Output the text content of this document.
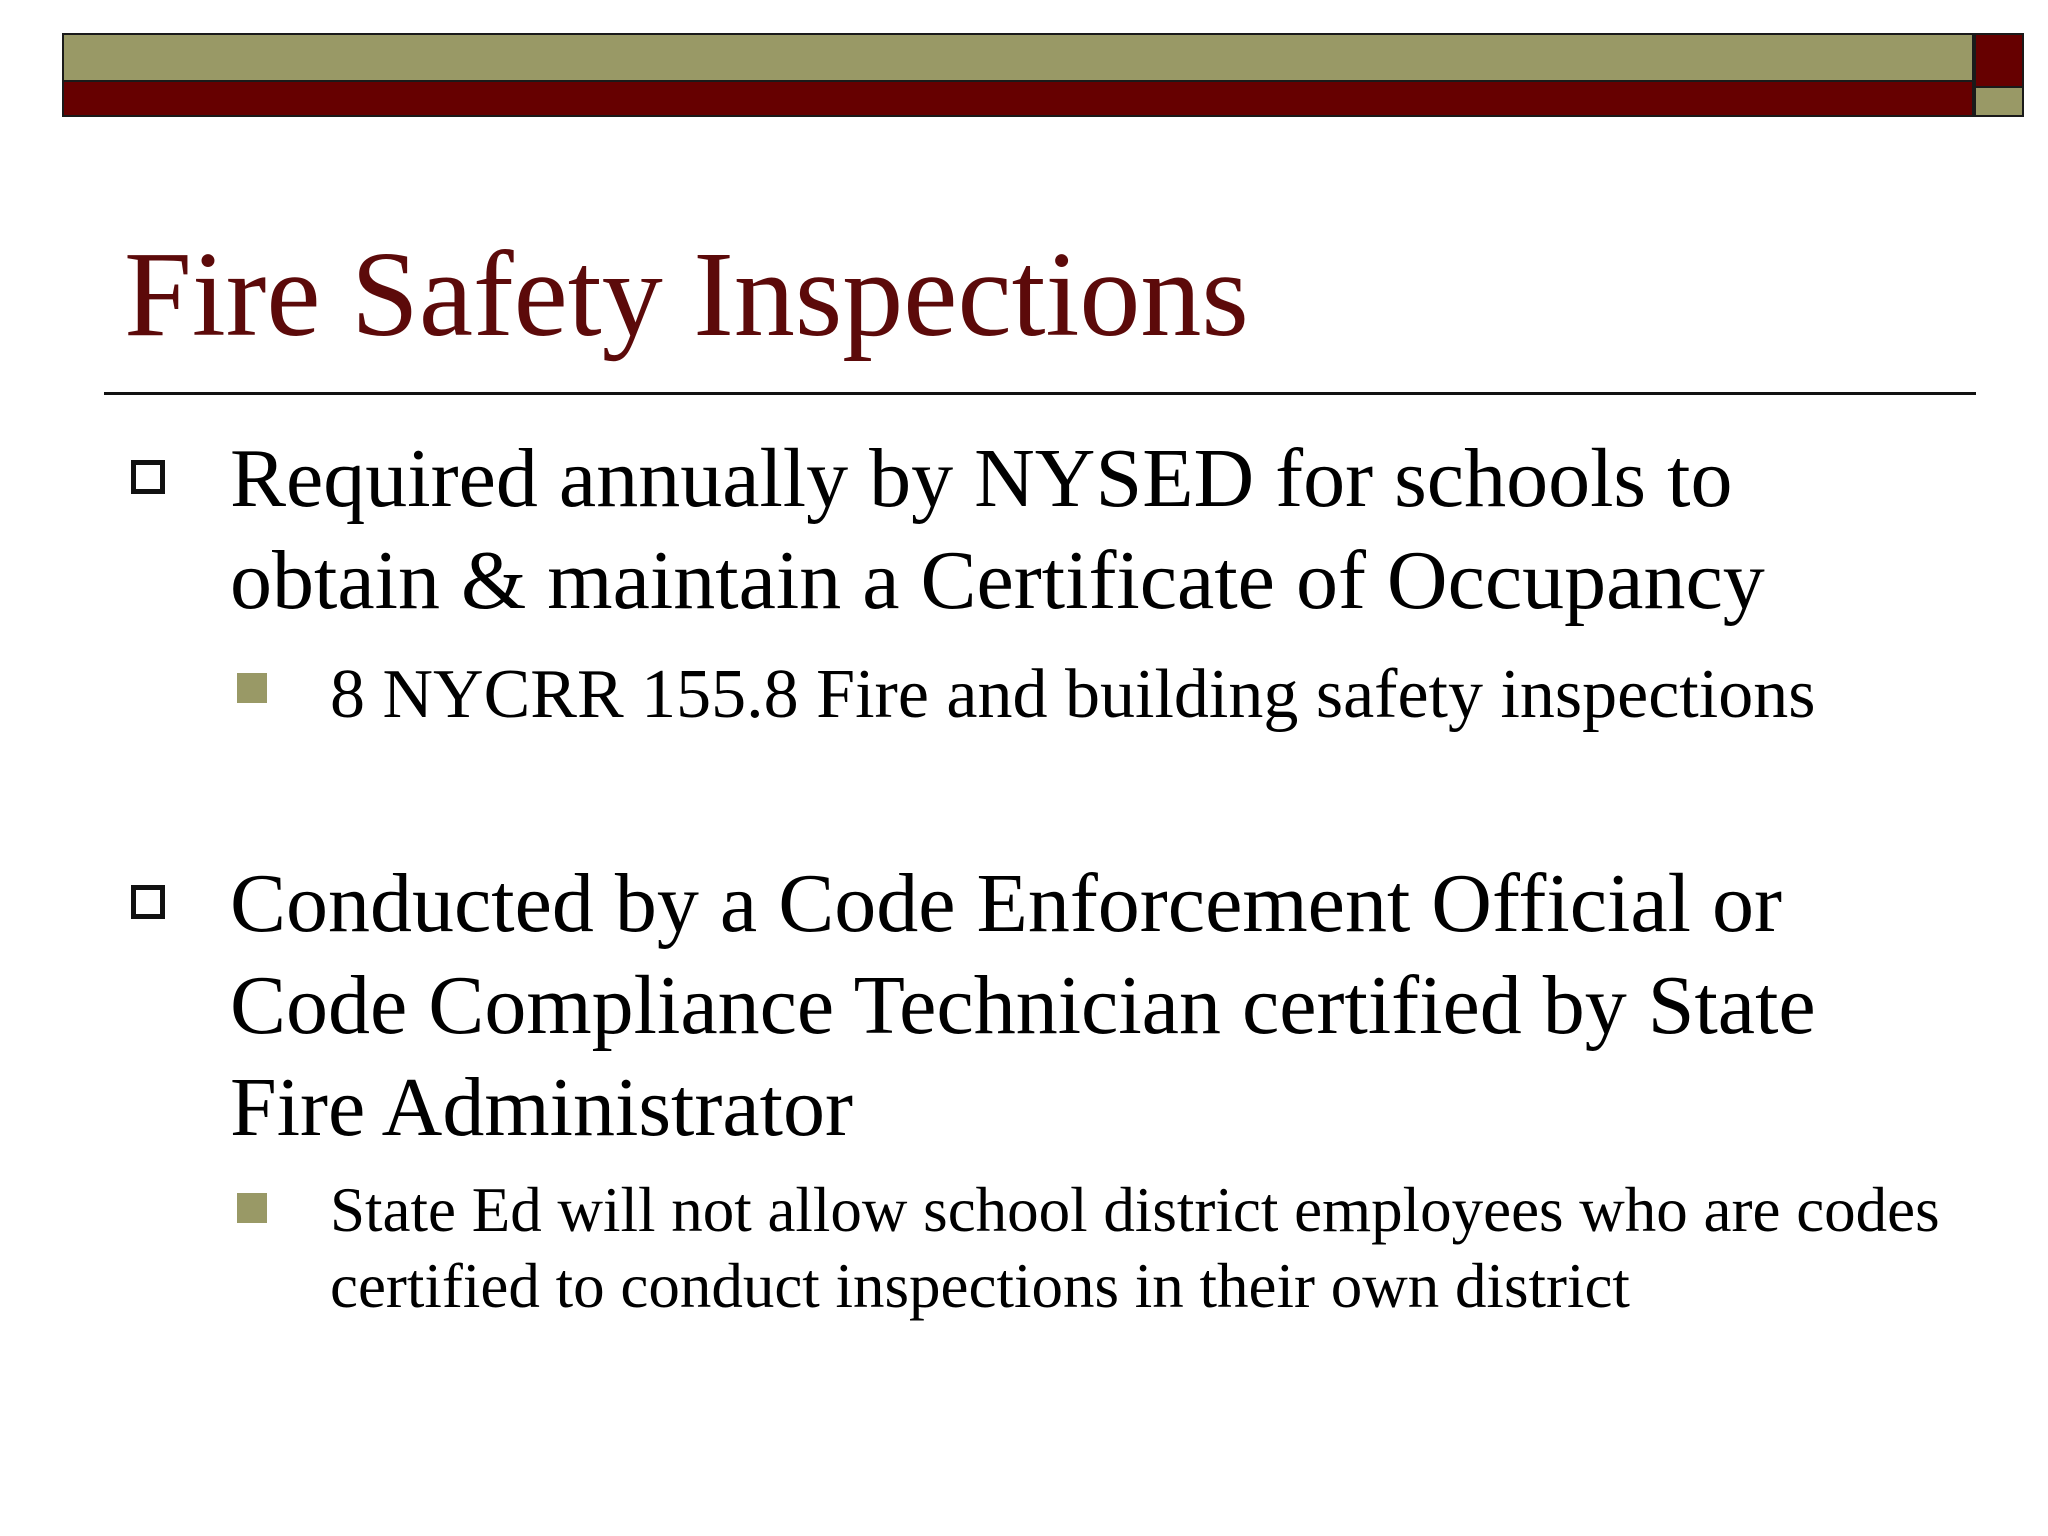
Fire Safety Inspections

Required annually by NYSED for schools to obtain & maintain a Certificate of Occupancy

8 NYCRR 155.8 Fire and building safety inspections

Conducted by a Code Enforcement Official or Code Compliance Technician certified by State Fire Administrator

State Ed will not allow school district employees who are codes certified to conduct inspections in their own district
